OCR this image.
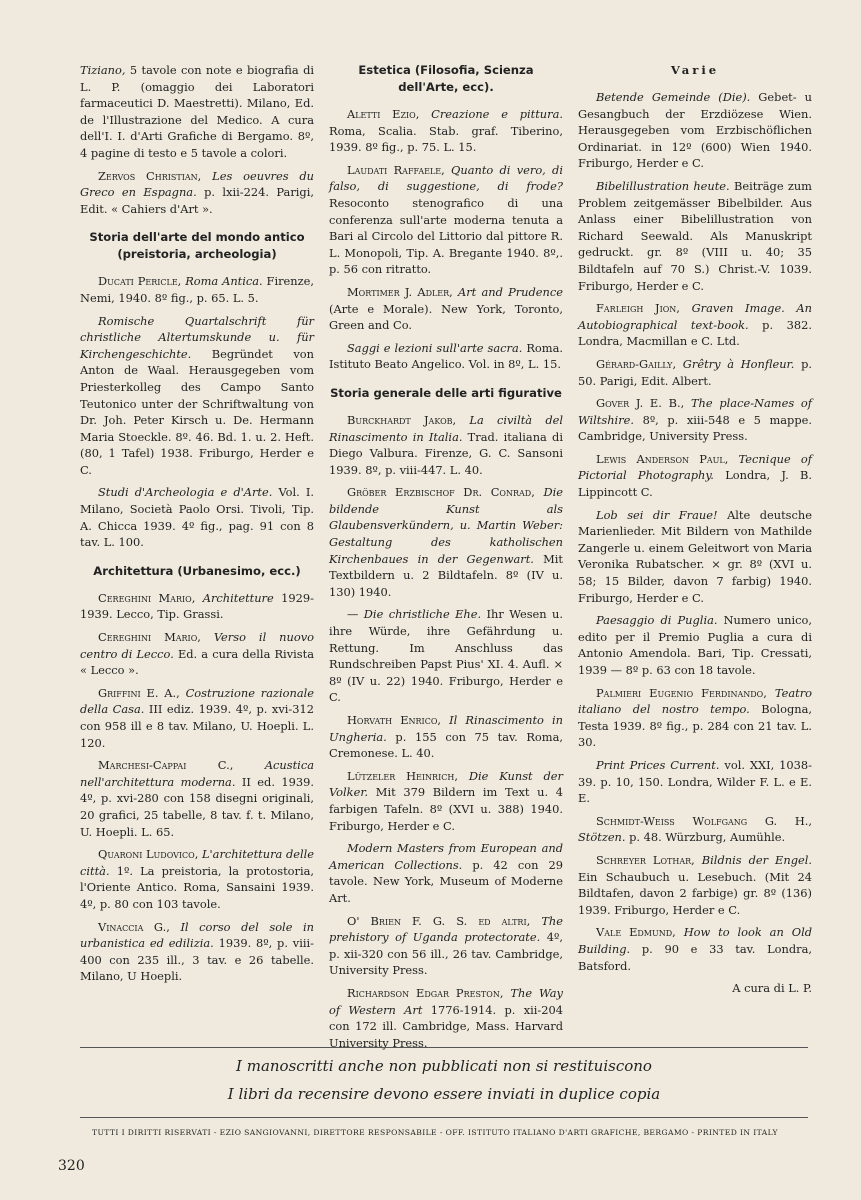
Tiziano, 5 tavole con note e biografia di L. P. (omaggio dei Laboratori farmaceutici D. Maestretti). Milano, Ed. de l'Illustrazione del Medico. A cura dell'I. I. d'Arti Grafiche di Bergamo. 8º, 4 pagine di testo e 5 tavole a colori.

Zervos Christian, Les oeuvres du Greco en Espagna. p. lxii-224. Parigi, Edit. « Cahiers d'Art ».

Storia dell'arte del mondo antico (preistoria, archeologia)

Ducati Pericle, Roma Antica. Firenze, Nemi, 1940. 8º fig., p. 65. L. 5.

Romische Quartalschrift für christliche Altertumskunde u. für Kirchengeschichte. Begründet von Anton de Waal. Herausgegeben vom Priesterkolleg des Campo Santo Teutonico unter der Schriftwaltung von Dr. Joh. Peter Kirsch u. De. Hermann Maria Stoeckle. 8º. 46. Bd. 1. u. 2. Heft. (80, 1 Tafel) 1938. Friburgo, Herder e C.

Studi d'Archeologia e d'Arte. Vol. I. Milano, Società Paolo Orsi. Tivoli, Tip. A. Chicca 1939. 4º fig., pag. 91 con 8 tav. L. 100.

Architettura (Urbanesimo, ecc.)

Cereghini Mario, Architetture 1929-1939. Lecco, Tip. Grassi.

Cereghini Mario, Verso il nuovo centro di Lecco. Ed. a cura della Rivista « Lecco ».

Griffini E. A., Costruzione razionale della Casa. III ediz. 1939. 4º, p. xvi-312 con 958 ill e 8 tav. Milano, U. Hoepli. L. 120.

Marchesi-Cappai C.,	Acustica nell'architettura moderna. II ed. 1939. 4º, p. xvi-280 con 158 disegni originali, 20 grafici, 25 tabelle, 8 tav. f. t. Milano, U. Hoepli. L. 65.

Quaroni Ludovico, L'architettura delle città. 1º. La preistoria, la protostoria, l'Oriente Antico. Roma, Sansaini 1939. 4º, p. 80 con 103 tavole.

Vinaccia G., Il corso del sole in urbanistica ed edilizia. 1939. 8º, p. viii-400 con 235 ill., 3 tav. e 26 tabelle. Milano, U Hoepli.

Estetica (Filosofia, Scienza dell'Arte, ecc).

Aletti Ezio, Creazione e pittura. Roma, Scalia. Stab. graf. Tiberino, 1939. 8º fig., p. 75. L. 15.

Laudati Raffaele, Quanto di vero, di falso, di suggestione, di frode? Resoconto stenografico di una conferenza sull'arte moderna tenuta a Bari al Circolo del Littorio dal pittore R. L. Monopoli, Tip. A. Bregante 1940. 8º,. p. 56 con ritratto.

Mortimer J. Adler, Art and Prudence (Arte e Morale). New York, Toronto, Green and Co.

Saggi e lezioni sull'arte sacra. Roma. Istituto Beato Angelico. Vol. in 8º, L. 15.

Storia generale delle arti figurative

Burckhardt Jakob, La civiltà del Rinascimento in Italia. Trad. italiana di Diego Valbura. Firenze, G. C. Sansoni 1939. 8º, p. viii-447. L. 40.

Gröber Erzbischof Dr. Conrad, Die bildende Kunst als Glaubensverkündern, u. Martin Weber: Gestaltung des katholischen Kirchenbaues in der Gegenwart. Mit Textbildern u. 2 Bildtafeln. 8º (IV u. 130) 1940.

— Die christliche Ehe. Ihr Wesen u. ihre Würde, ihre Gefährdung u. Rettung. Im Anschluss das Rundschreiben Papst Pius' XI. 4. Aufl. × 8º (IV u. 22) 1940. Friburgo, Herder e C.

Horvath Enrico, Il Rinascimento in Ungheria. p. 155 con 75 tav. Roma, Cremonese. L. 40.

Lützeler Heinrich, Die Kunst der Volker. Mit 379 Bildern im Text u. 4 farbigen Tafeln. 8º (XVI u. 388) 1940. Friburgo, Herder e C.

Modern Masters from European and American Collections. p. 42 con 29 tavole. New York, Museum of Moderne Art.

O' Brien F. G. S. ed altri, The prehistory of Uganda protectorate. 4º, p. xii-320 con 56 ill., 26 tav. Cambridge, University Press.

Richardson Edgar Preston, The Way of Western Art 1776-1914. p. xii-204 con 172 ill. Cambridge, Mass. Harvard University Press.

Varie

Betende Gemeinde (Die). Gebet- u Gesangbuch der Erzdiözese Wien. Herausgegeben vom Erzbischöflichen Ordinariat. in 12º (600) Wien 1940. Friburgo, Herder e C.

Bibelillustration heute. Beiträge zum Problem zeitgemässer Bibelbilder. Aus Anlass einer Bibelillustration von Richard Seewald. Als Manuskript gedruckt. gr. 8º (VIII u. 40; 35 Bildtafeln auf 70 S.) Christ.-V. 1039. Friburgo, Herder e C.

Farleigh Jion, Graven Image. An Autobiographical text-book. p. 382. Londra, Macmillan e C. Ltd.

Gérard-Gailly, Grêtry à Honfleur. p. 50. Parigi, Edit. Albert.

Gover J. E. B., The place-Names of Wiltshire. 8º, p. xiii-548 e 5 mappe. Cambridge, University Press.

Lewis Anderson Paul, Tecnique of Pictorial Photography. Londra, J. B. Lippincott C.

Lob sei dir Fraue! Alte deutsche Marienlieder. Mit Bildern von Mathilde Zangerle u. einem Geleitwort von Maria Veronika Rubatscher. × gr. 8º (XVI u. 58; 15 Bilder, davon 7 farbig) 1940. Friburgo, Herder e C.

Paesaggio di Puglia. Numero unico, edito per il Premio Puglia a cura di Antonio Amendola. Bari, Tip. Cressati, 1939 — 8º p. 63 con 18 tavole.

Palmieri Eugenio Ferdinando, Teatro italiano del nostro tempo. Bologna, Testa 1939. 8º fig., p. 284 con 21 tav. L. 30.

Print Prices Current. vol. XXI, 1038-39. p. 10, 150. Londra, Wilder F. L. e E. E.

Schmidt-Weiss Wolfgang G. H., Stötzen. p. 48. Würzburg, Aumühle.

Schreyer Lothar, Bildnis der Engel. Ein Schaubuch u. Lesebuch. (Mit 24 Bildtafen, davon 2 farbige) gr. 8º (136) 1939. Friburgo, Herder e C.

Vale Edmund, How to look an Old Building. p. 90 e 33 tav. Londra, Batsford.

A cura di L. P.
I manoscritti anche non pubblicati non si restituiscono
I libri da recensire devono essere inviati in duplice copia
TUTTI I DIRITTI RISERVATI - EZIO SANGIOVANNI, DIRETTORE RESPONSABILE - OFF. ISTITUTO ITALIANO D'ARTI GRAFICHE, BERGAMO - PRINTED IN ITALY
320
